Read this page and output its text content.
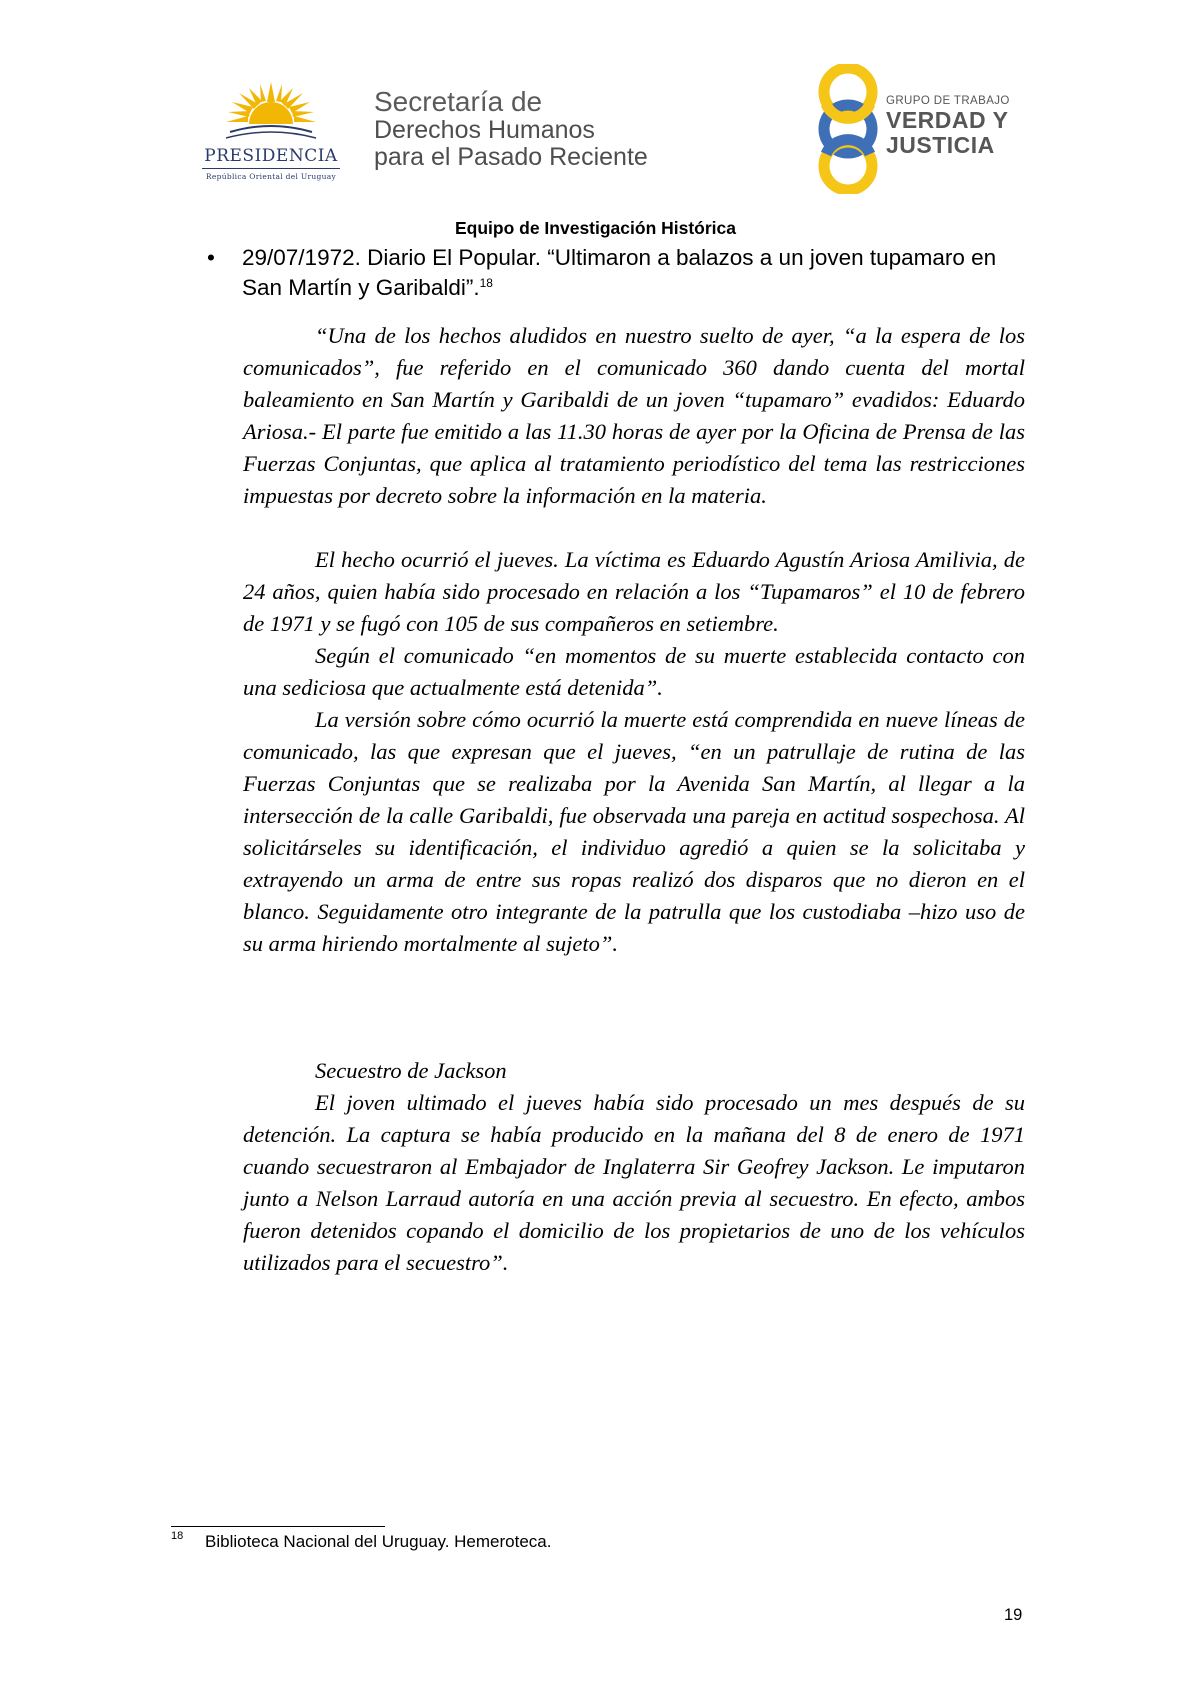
PRESIDENCIA
República Oriental del Uruguay
Secretaría de
Derechos Humanos
para el Pasado Reciente
GRUPO DE TRABAJO
VERDAD Y
JUSTICIA
Equipo de Investigación Histórica
• 29/07/1972. Diario El Popular. “Ultimaron a balazos a un joven tupamaro en San Martín y Garibaldi”.$^{18}$

“Una de los hechos aludidos en nuestro suelto de ayer, “a la espera de los comunicados”, fue referido en el comunicado 360 dando cuenta del mortal baleamiento en San Martín y Garibaldi de un joven “tupamaro” evadidos: Eduardo Ariosa.- El parte fue emitido a las 11.30 horas de ayer por la Oficina de Prensa de las Fuerzas Conjuntas, que aplica al tratamiento periodístico del tema las restricciones impuestas por decreto sobre la información en la materia.

El hecho ocurrió el jueves. La víctima es Eduardo Agustín Ariosa Amilivia, de 24 años, quien había sido procesado en relación a los “Tupamaros” el 10 de febrero de 1971 y se fugó con 105 de sus compañeros en setiembre.

Según el comunicado “en momentos de su muerte establecida contacto con una sediciosa que actualmente está detenida”.

La versión sobre cómo ocurrió la muerte está comprendida en nueve líneas de comunicado, las que expresan que el jueves, “en un patrullaje de rutina de las Fuerzas Conjuntas que se realizaba por la Avenida San Martín, al llegar a la intersección de la calle Garibaldi, fue observada una pareja en actitud sospechosa. Al solicitárseles su identificación, el individuo agredió a quien se la solicitaba y extrayendo un arma de entre sus ropas realizó dos disparos que no dieron en el blanco. Seguidamente otro integrante de la patrulla que los custodiaba –hizo uso de su arma hiriendo mortalmente al sujeto”.

Secuestro de Jackson

El joven ultimado el jueves había sido procesado un mes después de su detención. La captura se había producido en la mañana del 8 de enero de 1971 cuando secuestraron al Embajador de Inglaterra Sir Geofrey Jackson. Le imputaron junto a Nelson Larraud autoría en una acción previa al secuestro. En efecto, ambos fueron detenidos copando el domicilio de los propietarios de uno de los vehículos utilizados para el secuestro”.

18 Biblioteca Nacional del Uruguay. Hemeroteca.
19
